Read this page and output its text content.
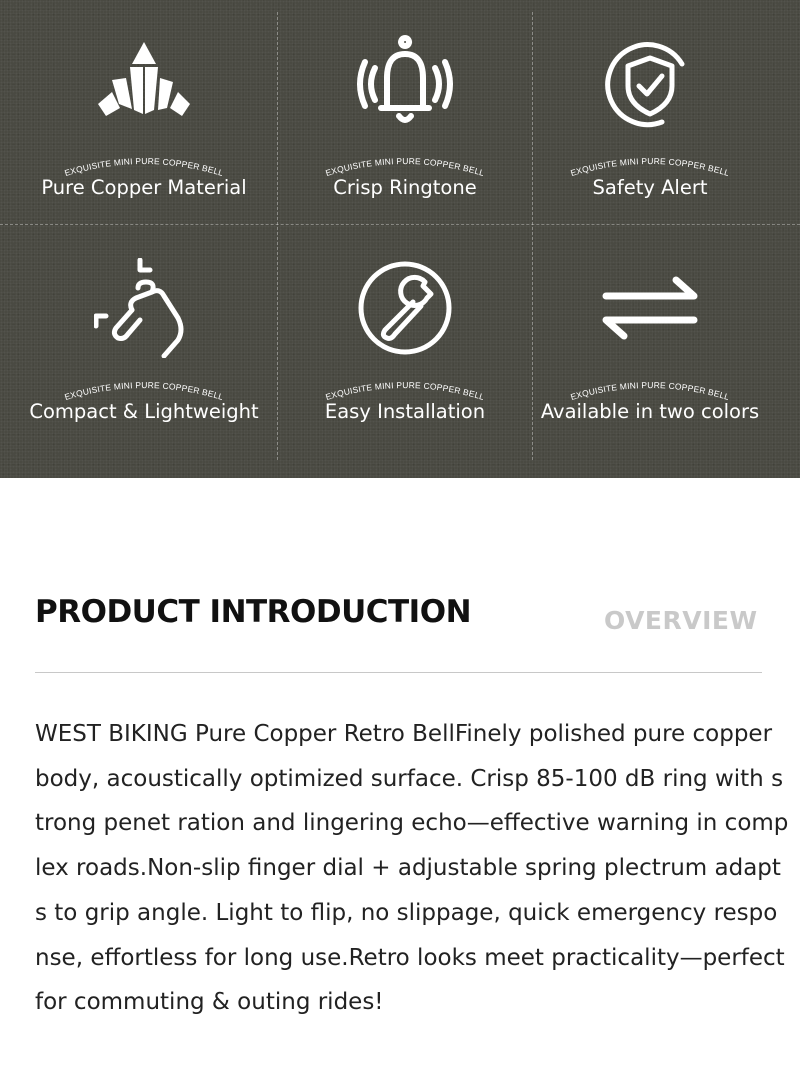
EXQUISITE MINI PURE COPPER BELL
Pure Copper Material
EXQUISITE MINI PURE COPPER BELL
Crisp Ringtone
EXQUISITE MINI PURE COPPER BELL
Safety Alert
EXQUISITE MINI PURE COPPER BELL
Compact & Lightweight
EXQUISITE MINI PURE COPPER BELL
Easy Installation
EXQUISITE MINI PURE COPPER BELL
Available in two colors
PRODUCT INTRODUCTION	OVERVIEW
WEST BIKING Pure Copper Retro BellFinely polished pure copper body, acoustically optimized surface. Crisp 85-100 dB ring with strong penet ration and lingering echo—effective warning in complex roads.Non-slip finger dial + adjustable spring plectrum adapts to grip angle. Light to flip, no slippage, quick emergency response, effortless for long use.Retro looks meet practicality—perfect for commuting & outing rides!
